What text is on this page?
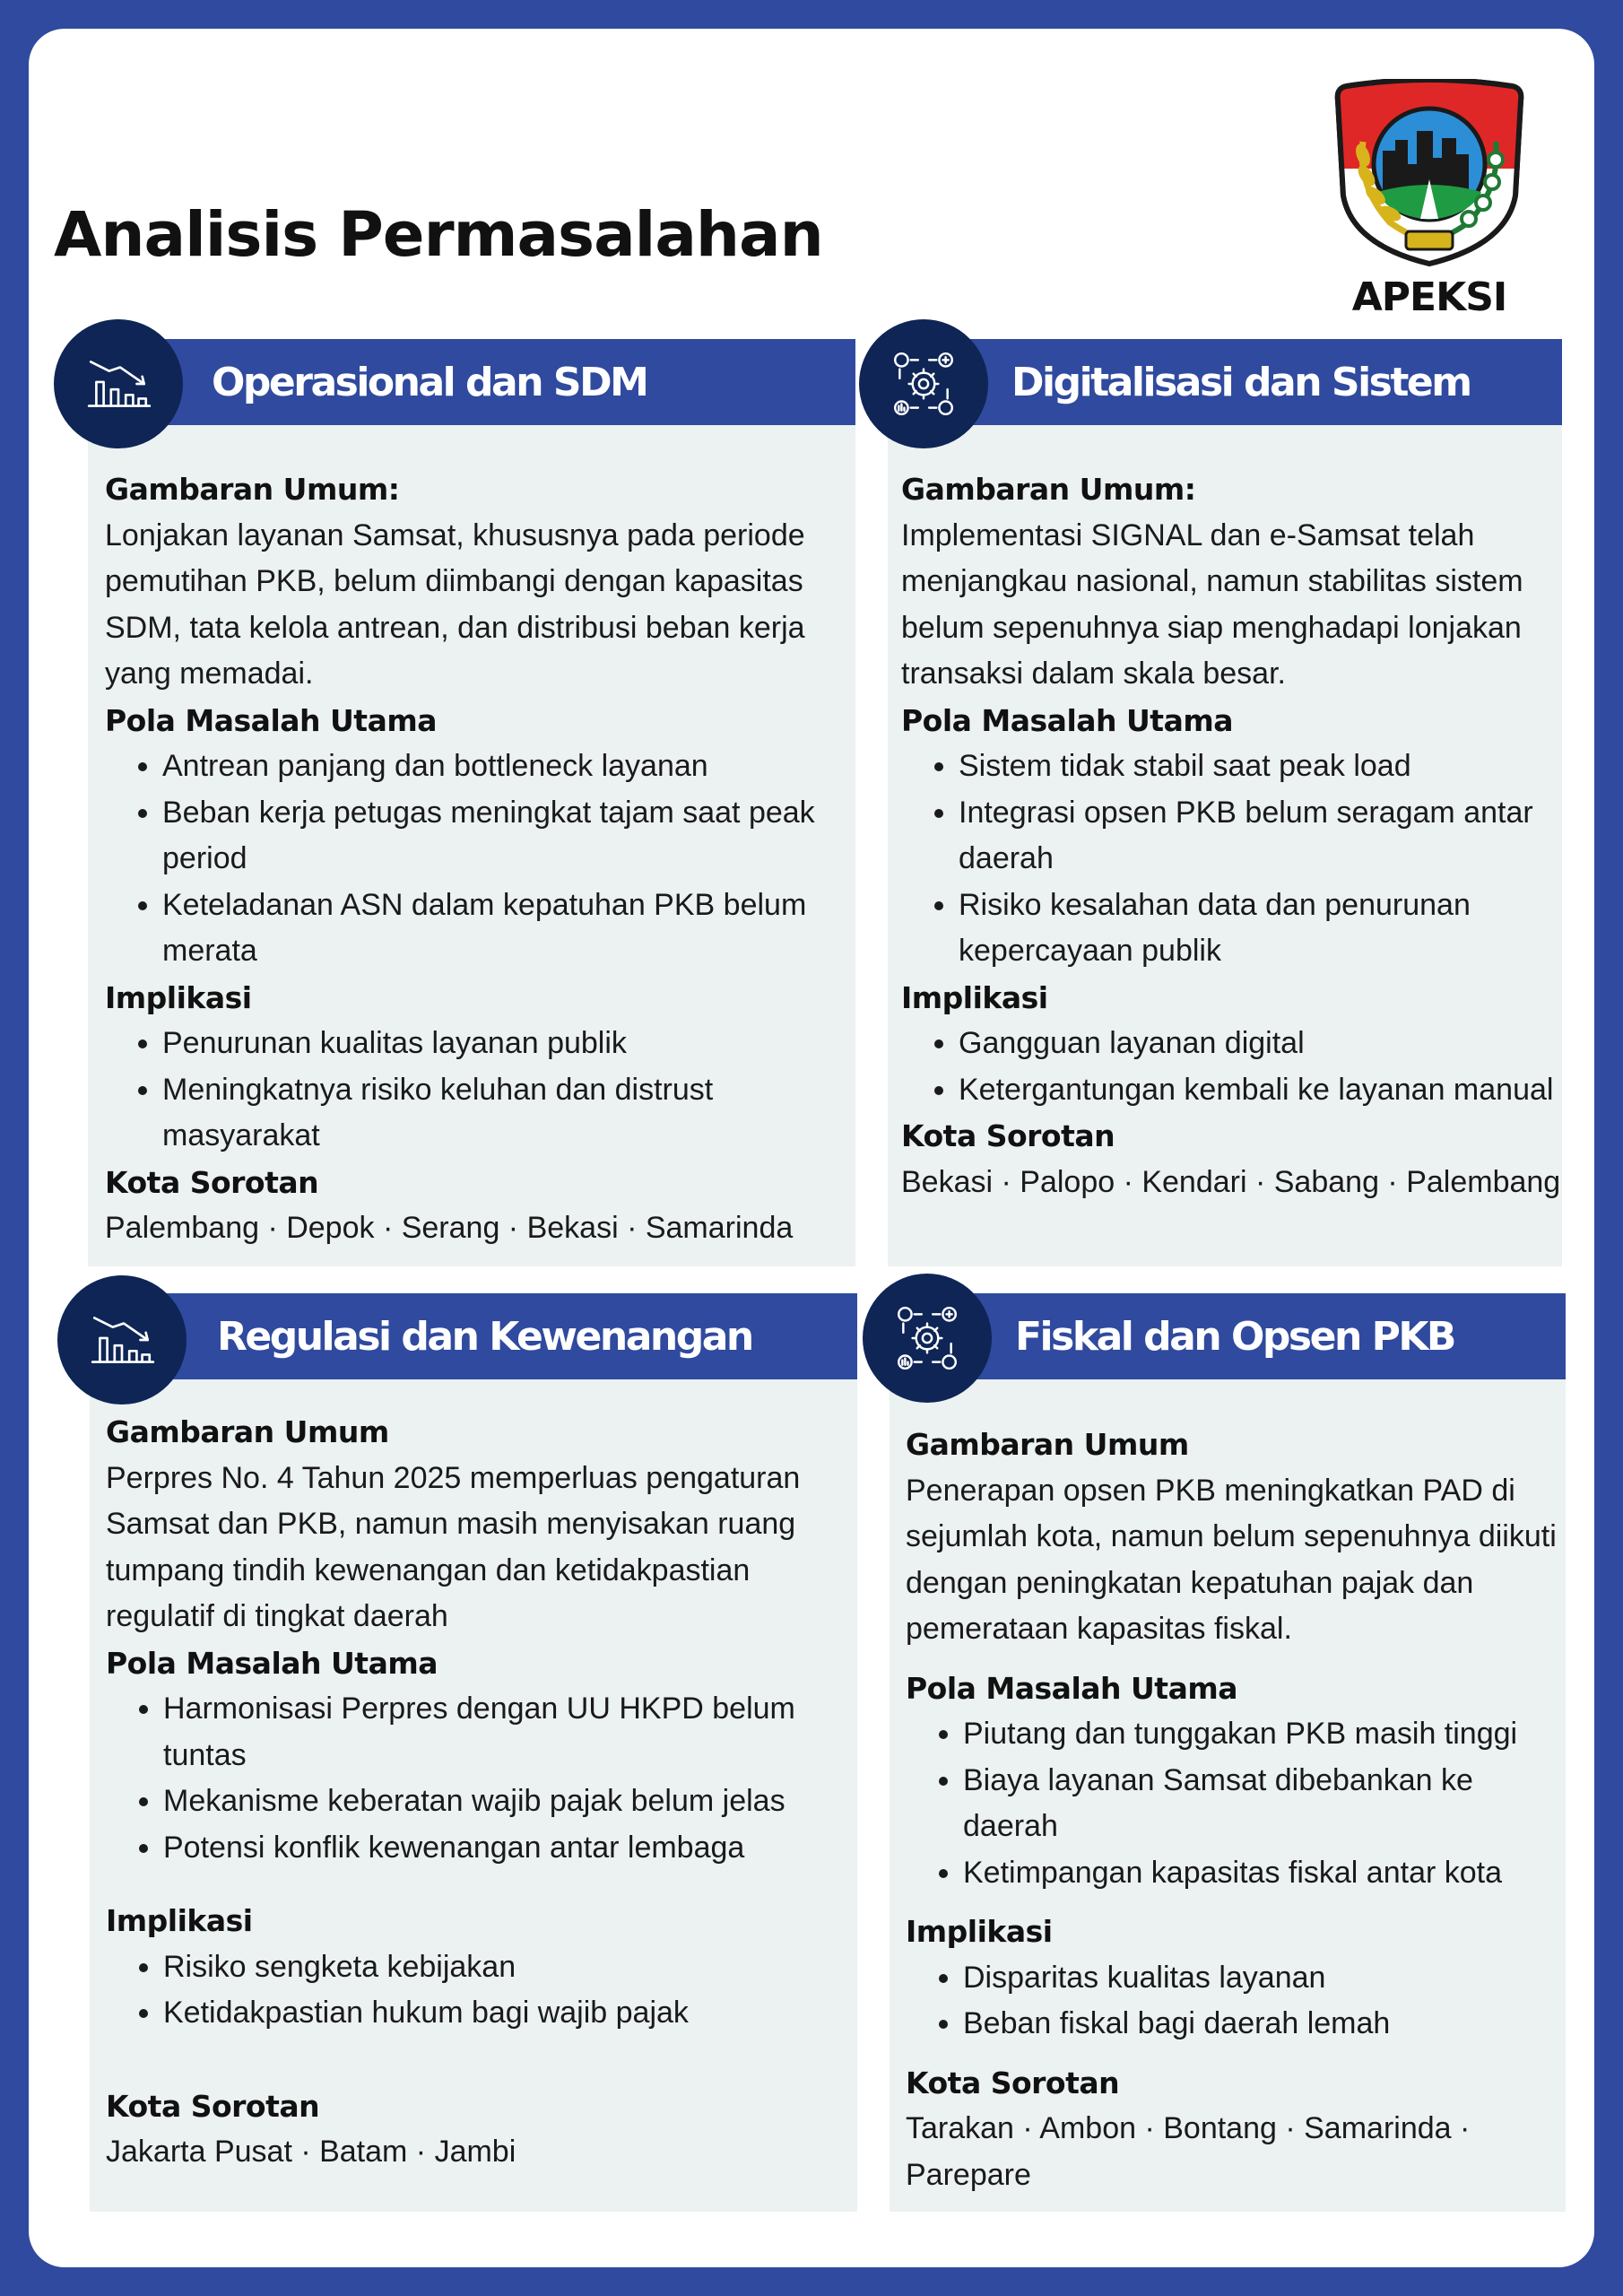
Analisis Permasalahan
APEKSI
Operasional dan SDM

Gambaran Umum:

Lonjakan layanan Samsat, khususnya pada periode pemutihan PKB, belum diimbangi dengan kapasitas SDM, tata kelola antrean, dan distribusi beban kerja yang memadai.

Pola Masalah Utama

• Antrean panjang dan bottleneck layanan
• Beban kerja petugas meningkat tajam saat peak period
• Keteladanan ASN dalam kepatuhan PKB belum merata

Implikasi

• Penurunan kualitas layanan publik
• Meningkatnya risiko keluhan dan distrust masyarakat

Kota Sorotan

Palembang · Depok · Serang · Bekasi · Samarinda

Digitalisasi dan Sistem

Gambaran Umum:

Implementasi SIGNAL dan e-Samsat telah menjangkau nasional, namun stabilitas sistem belum sepenuhnya siap menghadapi lonjakan transaksi dalam skala besar.

Pola Masalah Utama

• Sistem tidak stabil saat peak load
• Integrasi opsen PKB belum seragam antar daerah
• Risiko kesalahan data dan penurunan kepercayaan publik

Implikasi

• Gangguan layanan digital
• Ketergantungan kembali ke layanan manual

Kota Sorotan

Bekasi · Palopo · Kendari · Sabang · Palembang

Regulasi dan Kewenangan

Gambaran Umum

Perpres No. 4 Tahun 2025 memperluas pengaturan Samsat dan PKB, namun masih menyisakan ruang tumpang tindih kewenangan dan ketidakpastian regulatif di tingkat daerah

Pola Masalah Utama

• Harmonisasi Perpres dengan UU HKPD belum tuntas
• Mekanisme keberatan wajib pajak belum jelas
• Potensi konflik kewenangan antar lembaga

Implikasi

• Risiko sengketa kebijakan
• Ketidakpastian hukum bagi wajib pajak

Kota Sorotan

Jakarta Pusat · Batam · Jambi

Fiskal dan Opsen PKB

Gambaran Umum

Penerapan opsen PKB meningkatkan PAD di sejumlah kota, namun belum sepenuhnya diikuti dengan peningkatan kepatuhan pajak dan pemerataan kapasitas fiskal.

Pola Masalah Utama

• Piutang dan tunggakan PKB masih tinggi
• Biaya layanan Samsat dibebankan ke daerah
• Ketimpangan kapasitas fiskal antar kota

Implikasi

• Disparitas kualitas layanan
• Beban fiskal bagi daerah lemah

Kota Sorotan

Tarakan · Ambon · Bontang · Samarinda · Parepare
